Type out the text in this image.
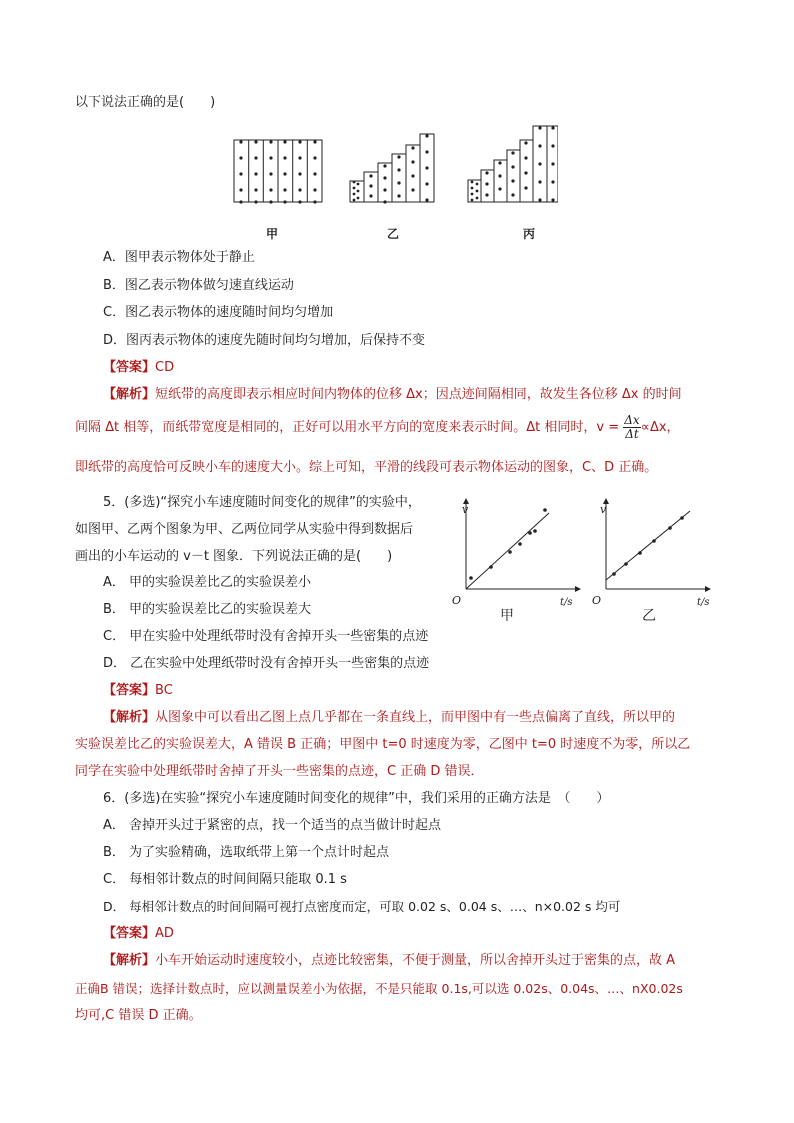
以下说法正确的是(　　)
甲	乙	丙
A．图甲表示物体处于静止
B．图乙表示物体做匀速直线运动
C．图乙表示物体的速度随时间均匀增加
D．图丙表示物体的速度先随时间均匀增加，后保持不变
【答案】CD
【解析】短纸带的高度即表示相应时间内物体的位移 Δx；因点迹间隔相同，故发生各位移 Δx 的时间
间隔 Δt 相等，而纸带宽度是相同的，正好可以用水平方向的宽度来表示时间。Δt 相同时，$v = \frac{\Delta x}{\Delta t} \propto\Delta x$，
即纸带的高度恰可反映小车的速度大小。综上可知，平滑的线段可表示物体运动的图象，C、D 正确。
5．(多选)“探究小车速度随时间变化的规律”的实验中，
如图甲、乙两个图象为甲、乙两位同学从实验中得到数据后
画出的小车运动的 v－t 图象．下列说法正确的是(　　)
A． 甲的实验误差比乙的实验误差小
B． 甲的实验误差比乙的实验误差大
C． 甲在实验中处理纸带时没有舍掉开头一些密集的点迹
D． 乙在实验中处理纸带时没有舍掉开头一些密集的点迹
v	v
O	O
t/s	t/s
甲	乙
【答案】BC
【解析】从图象中可以看出乙图上点几乎都在一条直线上，而甲图中有一些点偏离了直线，所以甲的
实验误差比乙的实验误差大，A 错误 B 正确；甲图中 t=0 时速度为零，乙图中 t=0 时速度不为零，所以乙
同学在实验中处理纸带时舍掉了开头一些密集的点迹，C 正确 D 错误．
6．(多选)在实验“探究小车速度随时间变化的规律”中，我们采用的正确方法是　（　　）
A． 舍掉开头过于紧密的点，找一个适当的点当做计时起点
B． 为了实验精确，选取纸带上第一个点计时起点
C． 每相邻计数点的时间间隔只能取 0.1 s
D． 每相邻计数点的时间间隔可视打点密度而定，可取 0.02 s、0.04 s、…、n×0.02 s 均可
【答案】AD
【解析】小车开始运动时速度较小，点迹比较密集，不便于测量，所以舍掉开头过于密集的点，故 A
正确B 错误；选择计数点时，应以测量误差小为依据，不是只能取 0.1s,可以选 0.02s、0.04s、…、nX0.02s
均可,C 错误 D 正确。
